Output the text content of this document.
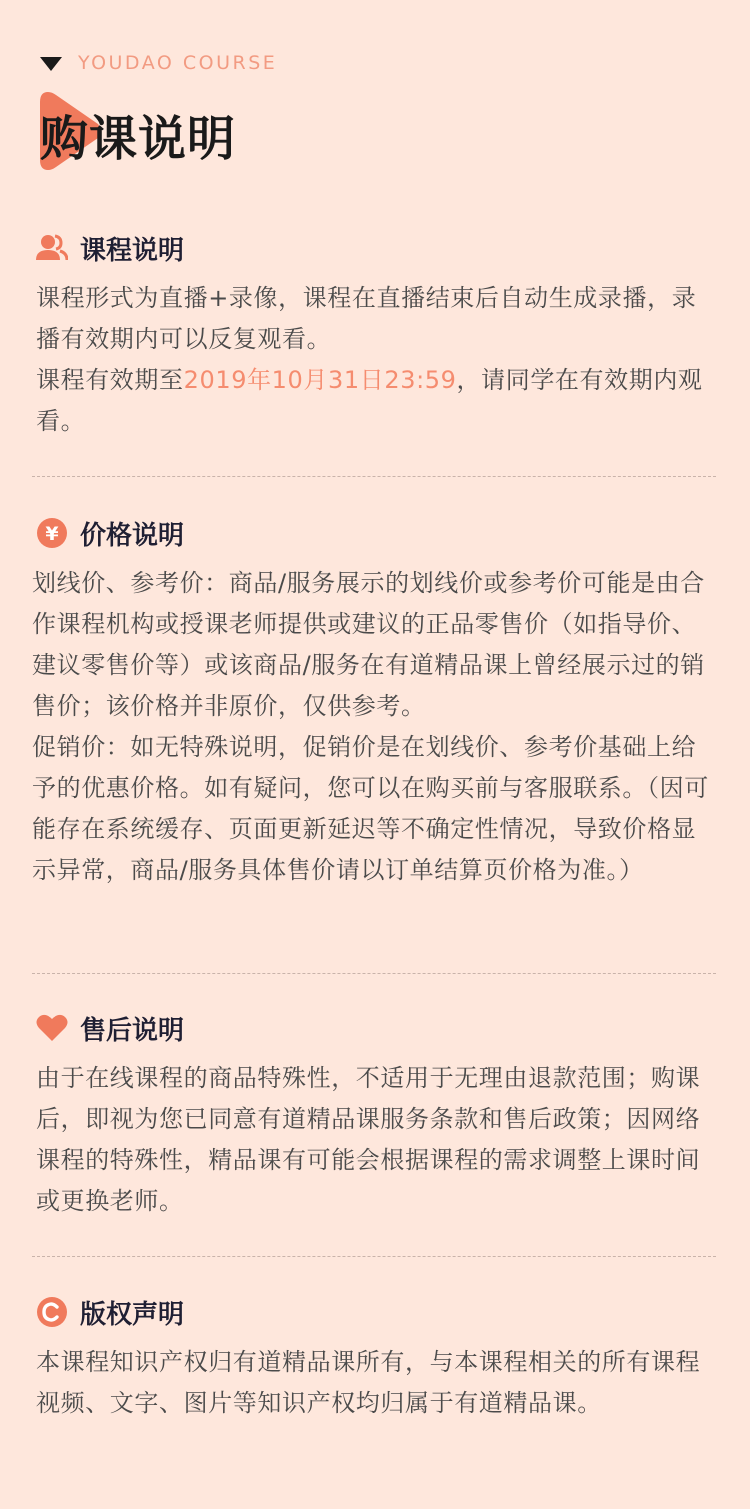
YOUDAO COURSE
购课说明
课程说明

课程形式为直播+录像，课程在直播结束后自动生成录播，录播有效期内可以反复观看。

课程有效期至2019年10月31日23:59，请同学在有效期内观看。

¥ 价格说明

划线价、参考价：商品/服务展示的划线价或参考价可能是由合作课程机构或授课老师提供或建议的正品零售价（如指导价、建议零售价等）或该商品/服务在有道精品课上曾经展示过的销售价；该价格并非原价，仅供参考。

促销价：如无特殊说明，促销价是在划线价、参考价基础上给予的优惠价格。如有疑问，您可以在购买前与客服联系。（因可能存在系统缓存、页面更新延迟等不确定性情况，导致价格显示异常，商品/服务具体售价请以订单结算页价格为准。）

售后说明

由于在线课程的商品特殊性，不适用于无理由退款范围；购课后，即视为您已同意有道精品课服务条款和售后政策；因网络课程的特殊性，精品课有可能会根据课程的需求调整上课时间或更换老师。

版权声明

本课程知识产权归有道精品课所有，与本课程相关的所有课程视频、文字、图片等知识产权均归属于有道精品课。
